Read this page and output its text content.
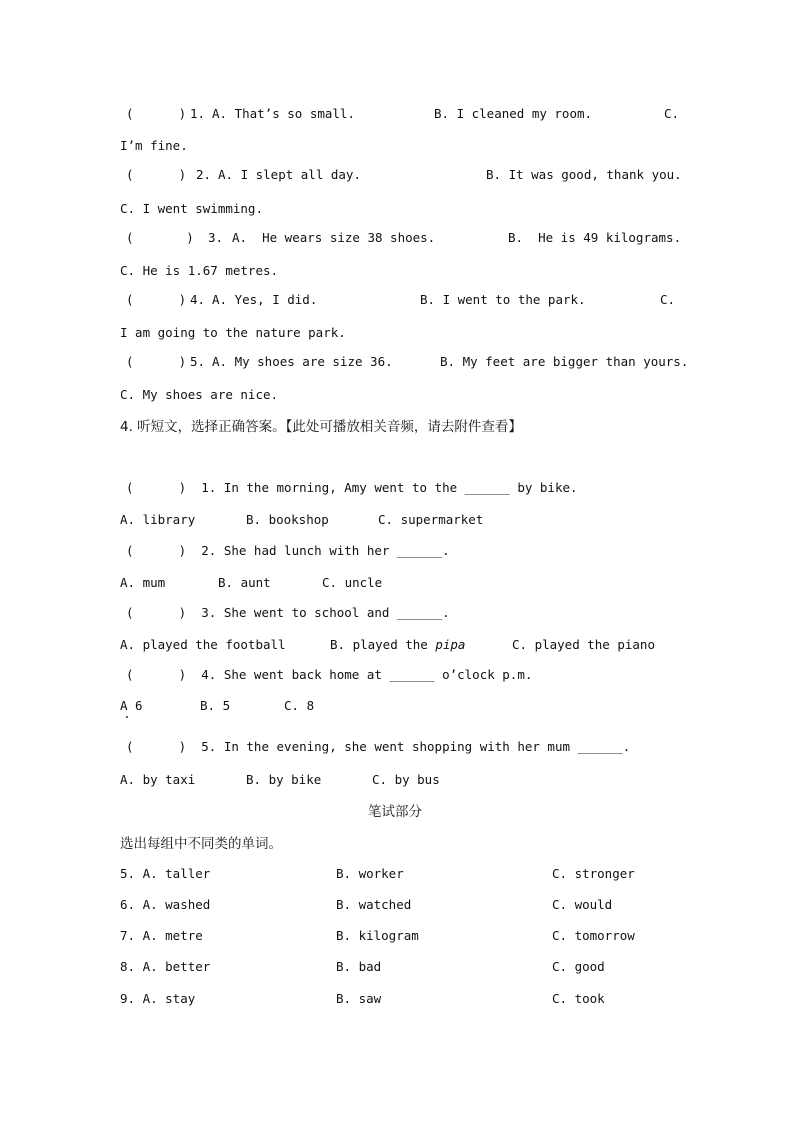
(      ) 1. A. That’s so small.	B. I cleaned my room.	C.
I’m fine.
(      ) 2. A. I slept all day.	B. It was good, thank you.
C. I went swimming.
(       ) 3. A.  He wears size 38 shoes.	B.  He is 49 kilograms.
C. He is 1.67 metres.
(      ) 4. A. Yes, I did.	B. I went to the park.	C.
I am going to the nature park.
(      ) 5. A. My shoes are size 36.	B. My feet are bigger than yours.
C. My shoes are nice.
4. 听短文，选择正确答案。【此处可播放相关音频，请去附件查看】
(      )  1. In the morning, Amy went to the ______ by bike.
A. library	B. bookshop	C. supermarket
(      )  2. She had lunch with her ______.
A. mum	B. aunt	C. uncle
(      )  3. She went to school and ______.
A. played the football	B. played the pipa	C. played the piano
(      )  4. She went back home at ______ o’clock p.m.
A 6	B. 5	C. 8
(      )  5. In the evening, she went shopping with her mum ______.
A. by taxi	B. by bike	C. by bus
笔试部分
选出每组中不同类的单词。
5. A. taller	B. worker	C. stronger
6. A. washed	B. watched	C. would
7. A. metre	B. kilogram	C. tomorrow
8. A. better	B. bad	C. good
9. A. stay	B. saw	C. took
